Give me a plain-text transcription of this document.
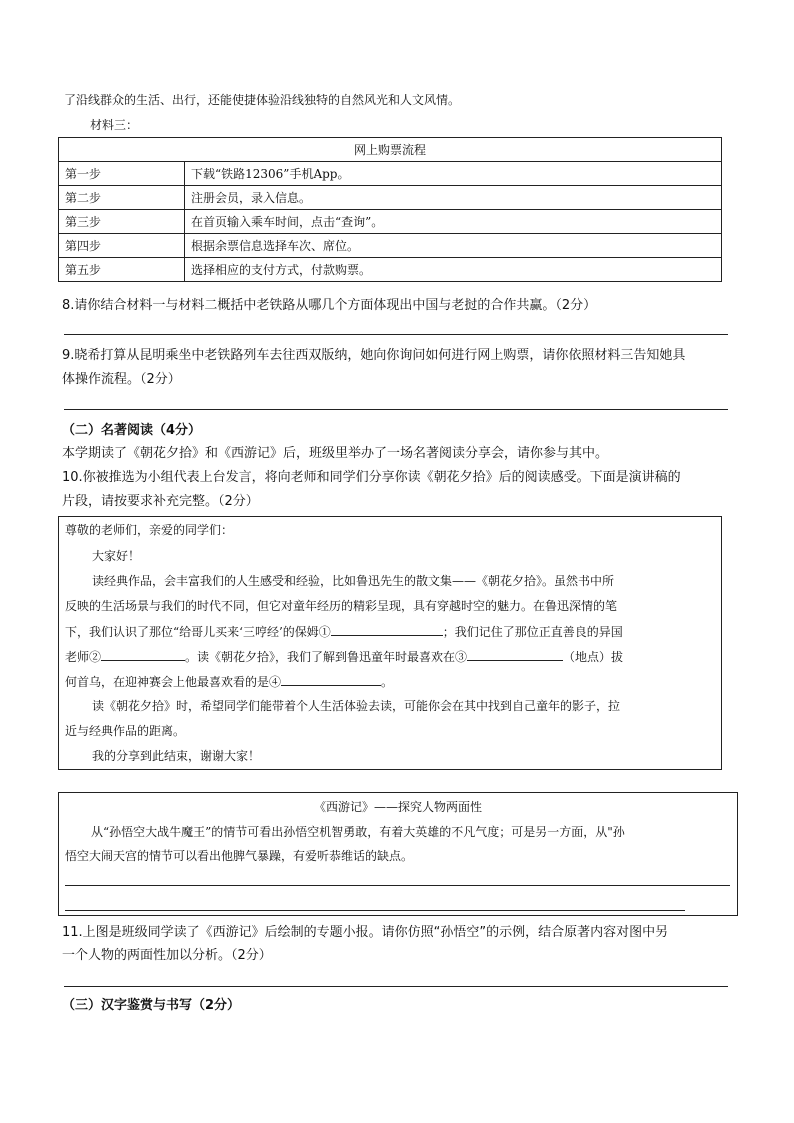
了沿线群众的生活、出行，还能使捷体验沿线独特的自然风光和人文风情。
材料三：
网上购票流程	
第一步	下载“铁路12306”手机App。
第二步	注册会员，录入信息。
第三步	在首页输入乘车时间，点击“查询”。
第四步	根据余票信息选择车次、席位。
第五步	选择相应的支付方式，付款购票。
8.请你结合材料一与材料二概括中老铁路从哪几个方面体现出中国与老挝的合作共赢。（2分）
9.晓希打算从昆明乘坐中老铁路列车去往西双版纳，她向你询问如何进行网上购票，请你依照材料三告知她具
体操作流程。（2分）
（二）名著阅读（4分）
本学期读了《朝花夕拾》和《西游记》后，班级里举办了一场名著阅读分享会，请你参与其中。
10.你被推选为小组代表上台发言，将向老师和同学们分享你读《朝花夕拾》后的阅读感受。下面是演讲稿的
片段，请按要求补充完整。（2分）
尊敬的老师们，亲爱的同学们：
大家好！
读经典作品，会丰富我们的人生感受和经验，比如鲁迅先生的散文集——《朝花夕拾》。虽然书中所
反映的生活场景与我们的时代不同，但它对童年经历的精彩呈现，具有穿越时空的魅力。在鲁迅深情的笔
下，我们认识了那位“给哥儿买来‘三哼经’的保姆①	；我们记住了那位正直善良的异国
老师②	。读《朝花夕拾》，我们了解到鲁迅童年时最喜欢在③	（地点）拔
何首乌，在迎神赛会上他最喜欢看的是④	。
读《朝花夕拾》时，希望同学们能带着个人生活体验去读，可能你会在其中找到自己童年的影子，拉
近与经典作品的距离。
我的分享到此结束，谢谢大家！
《西游记》——探究人物两面性
从“孙悟空大战牛魔王”的情节可看出孙悟空机智勇敢，有着大英雄的不凡气度；可是另一方面，从"孙
悟空大闹天宫的情节可以看出他脾气暴躁，有爱听恭维话的缺点。
11.上图是班级同学读了《西游记》后绘制的专题小报。请你仿照“孙悟空”的示例，结合原著内容对图中另
一个人物的两面性加以分析。（2分）
（三）汉字鉴赏与书写（2分）
